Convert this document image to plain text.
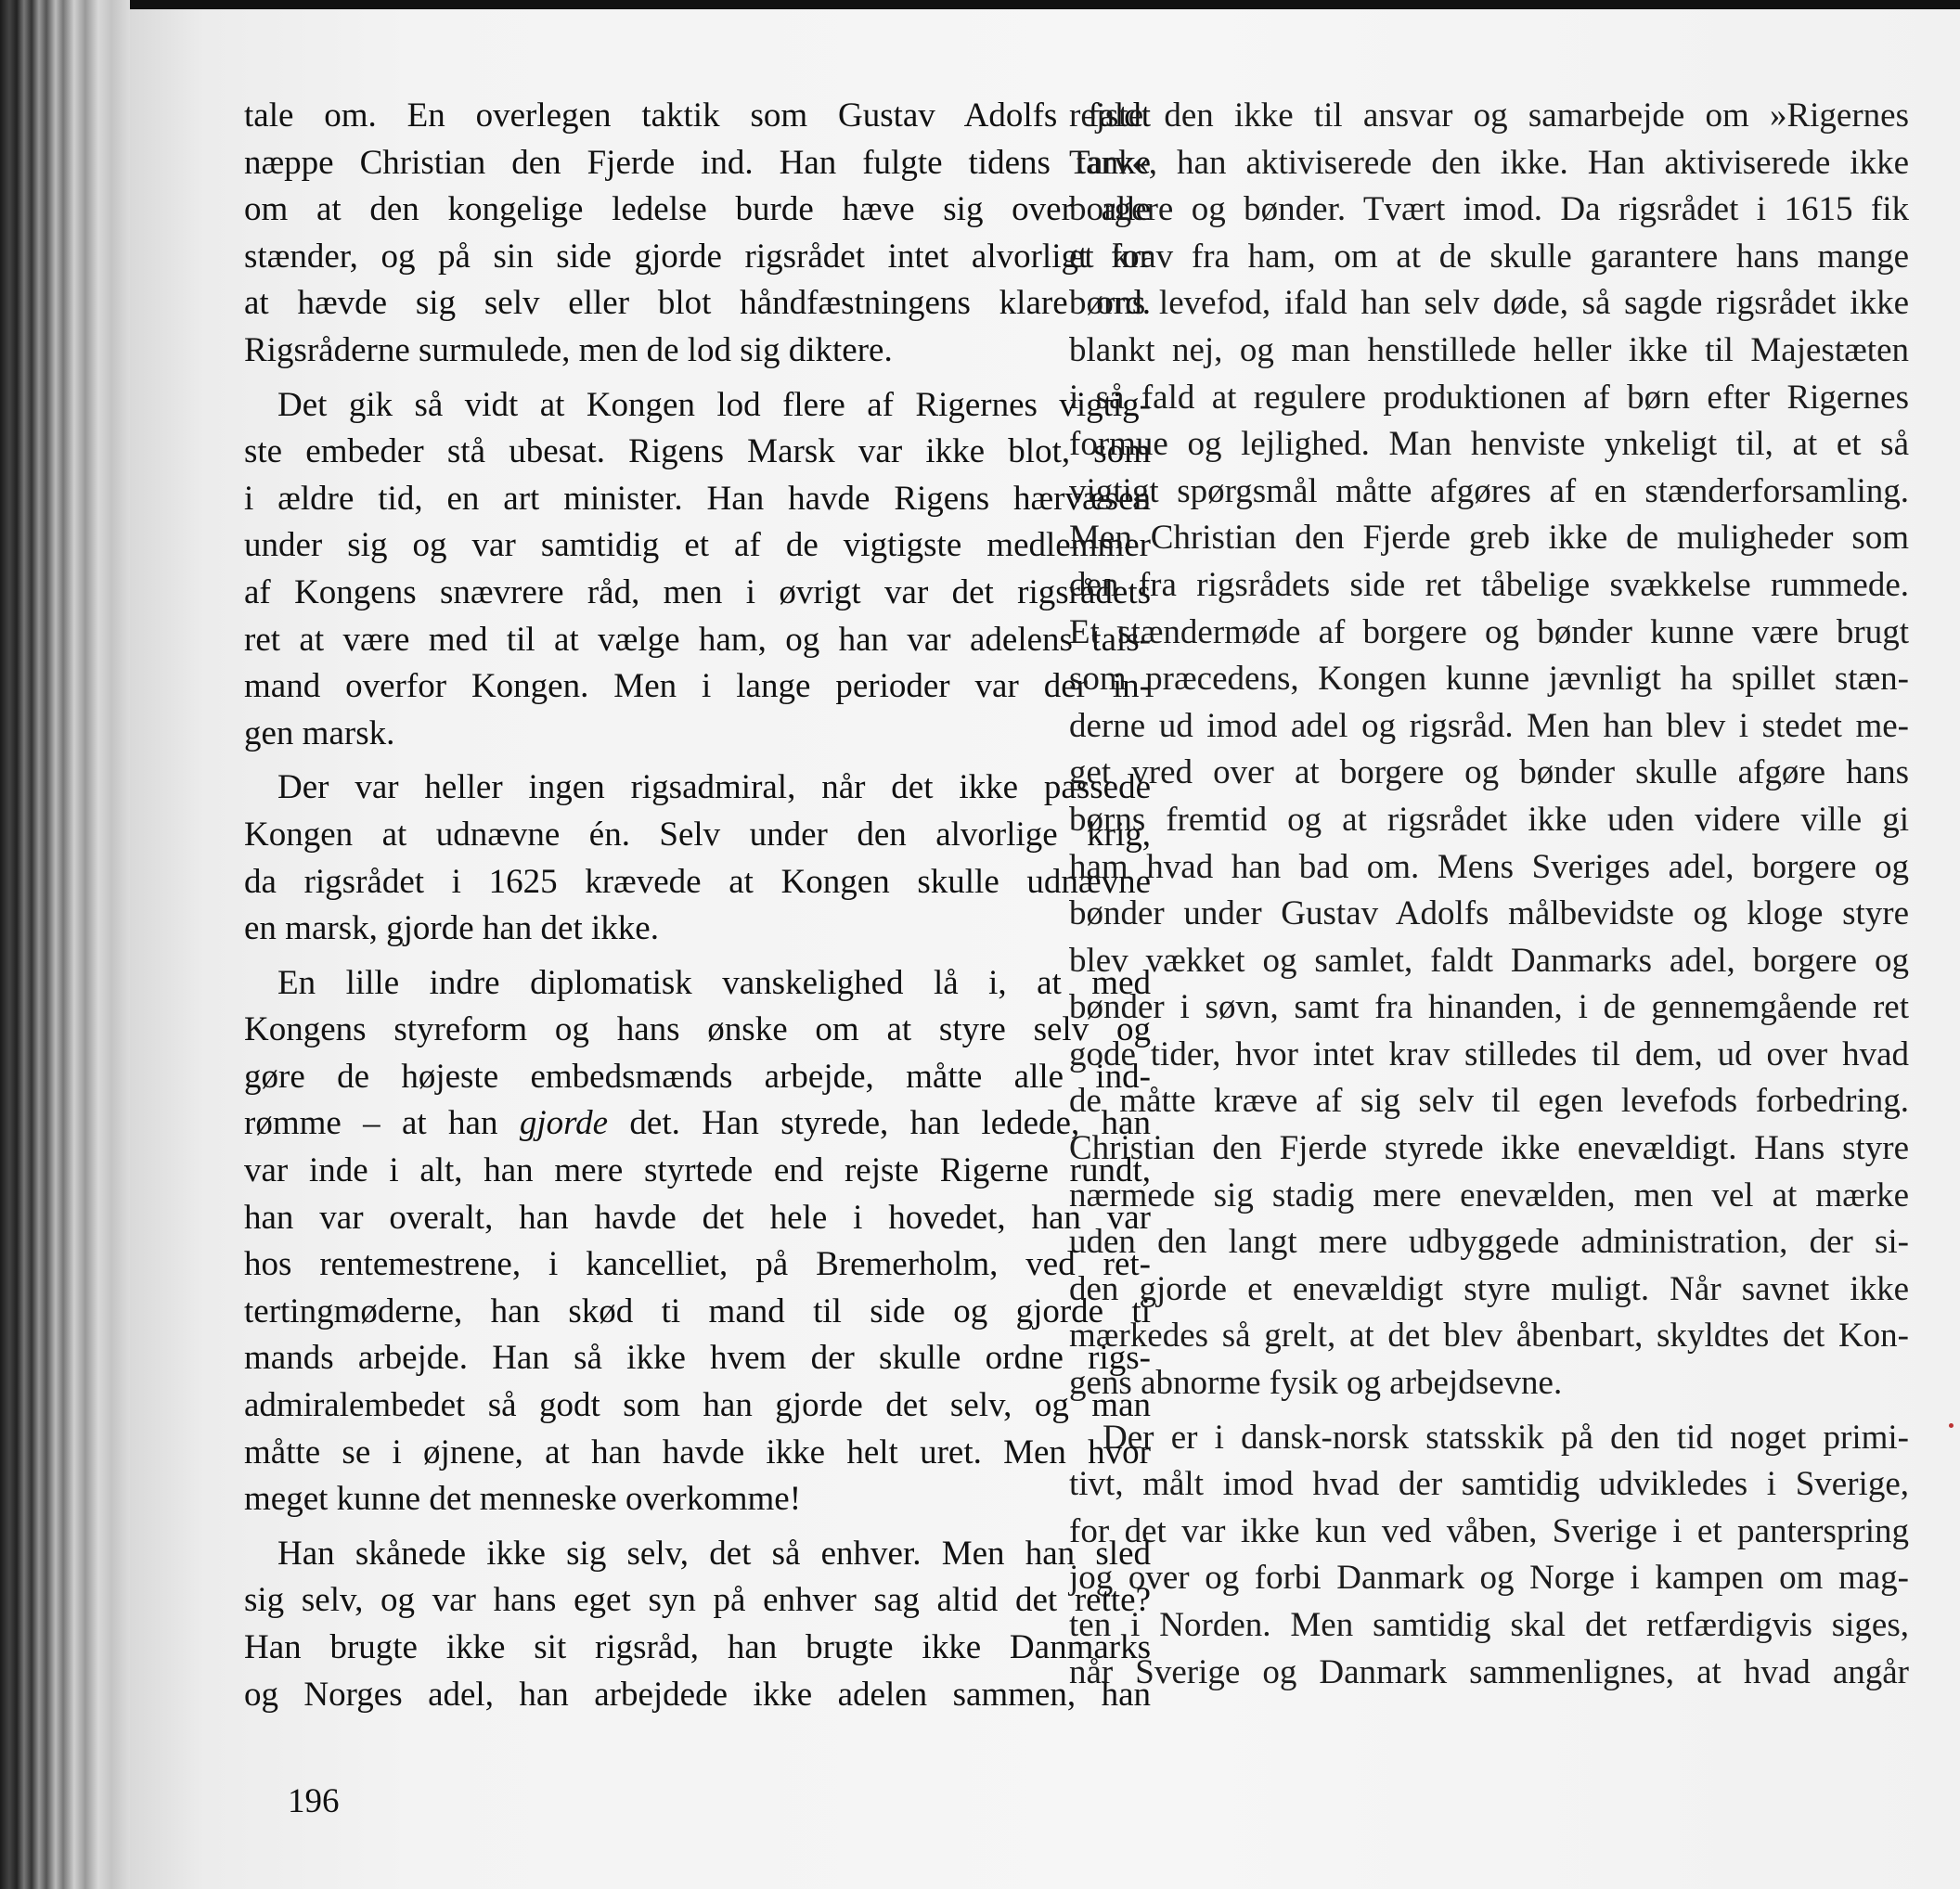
tale om. En overlegen taktik som Gustav Adolfs faldt
næppe Christian den Fjerde ind. Han fulgte tidens tanke
om at den kongelige ledelse burde hæve sig over alle
stænder, og på sin side gjorde rigsrådet intet alvorligt for
at hævde sig selv eller blot håndfæstningens klare ord.
Rigsråderne surmulede, men de lod sig diktere.

Det gik så vidt at Kongen lod flere af Rigernes vigtig-
ste embeder stå ubesat. Rigens Marsk var ikke blot, som
i ældre tid, en art minister. Han havde Rigens hærvæsen
under sig og var samtidig et af de vigtigste medlemmer
af Kongens snævrere råd, men i øvrigt var det rigsrådets
ret at være med til at vælge ham, og han var adelens tals-
mand overfor Kongen. Men i lange perioder var der in-
gen marsk.

Der var heller ingen rigsadmiral, når det ikke passede
Kongen at udnævne én. Selv under den alvorlige krig,
da rigsrådet i 1625 krævede at Kongen skulle udnævne
en marsk, gjorde han det ikke.

En lille indre diplomatisk vanskelighed lå i, at med
Kongens styreform og hans ønske om at styre selv og
gøre de højeste embedsmænds arbejde, måtte alle ind-
rømme – at han gjorde det. Han styrede, han ledede, han
var inde i alt, han mere styrtede end rejste Rigerne rundt,
han var overalt, han havde det hele i hovedet, han var
hos rentemestrene, i kancelliet, på Bremerholm, ved ret-
tertingmøderne, han skød ti mand til side og gjorde ti
mands arbejde. Han så ikke hvem der skulle ordne rigs-
admiralembedet så godt som han gjorde det selv, og man
måtte se i øjnene, at han havde ikke helt uret. Men hvor
meget kunne det menneske overkomme!

Han skånede ikke sig selv, det så enhver. Men han sled
sig selv, og var hans eget syn på enhver sag altid det rette?
Han brugte ikke sit rigsråd, han brugte ikke Danmarks
og Norges adel, han arbejdede ikke adelen sammen, han

rejste den ikke til ansvar og samarbejde om »Rigernes
Tarv«, han aktiviserede den ikke. Han aktiviserede ikke
borgere og bønder. Tvært imod. Da rigsrådet i 1615 fik
et krav fra ham, om at de skulle garantere hans mange
børns levefod, ifald han selv døde, så sagde rigsrådet ikke
blankt nej, og man henstillede heller ikke til Majestæten
i så fald at regulere produktionen af børn efter Rigernes
formue og lejlighed. Man henviste ynkeligt til, at et så
vigtigt spørgsmål måtte afgøres af en stænderforsamling.
Men Christian den Fjerde greb ikke de muligheder som
den fra rigsrådets side ret tåbelige svækkelse rummede.
Et stændermøde af borgere og bønder kunne være brugt
som præcedens, Kongen kunne jævnligt ha spillet stæn-
derne ud imod adel og rigsråd. Men han blev i stedet me-
get vred over at borgere og bønder skulle afgøre hans
børns fremtid og at rigsrådet ikke uden videre ville gi
ham hvad han bad om. Mens Sveriges adel, borgere og
bønder under Gustav Adolfs målbevidste og kloge styre
blev vækket og samlet, faldt Danmarks adel, borgere og
bønder i søvn, samt fra hinanden, i de gennemgående ret
gode tider, hvor intet krav stilledes til dem, ud over hvad
de måtte kræve af sig selv til egen levefods forbedring.
Christian den Fjerde styrede ikke enevældigt. Hans styre
nærmede sig stadig mere enevælden, men vel at mærke
uden den langt mere udbyggede administration, der si-
den gjorde et enevældigt styre muligt. Når savnet ikke
mærkedes så grelt, at det blev åbenbart, skyldtes det Kon-
gens abnorme fysik og arbejdsevne.

Der er i dansk-norsk statsskik på den tid noget primi-
tivt, målt imod hvad der samtidig udvikledes i Sverige,
for det var ikke kun ved våben, Sverige i et panterspring
jog over og forbi Danmark og Norge i kampen om mag-
ten i Norden. Men samtidig skal det retfærdigvis siges,
når Sverige og Danmark sammenlignes, at hvad angår

196
